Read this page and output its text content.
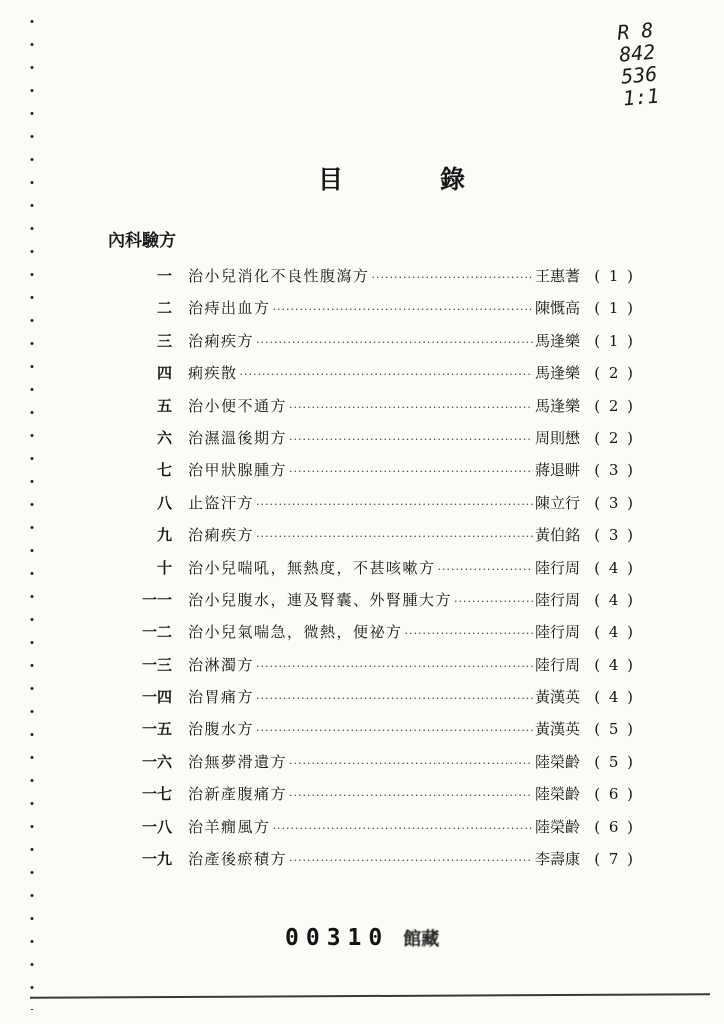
R 8
842
536
1:1
目　錄
內科驗方
一	治小兒消化不良性腹瀉方 ·····	王惠蓍 ( 1 )
二	治痔出血方 ·····	陳慨高 ( 1 )
三	治痢疾方 ·····	馬逢樂 ( 1 )
四	痢疾散 ·····	馬逢樂 ( 2 )
五	治小便不通方 ·····	馬逢樂 ( 2 )
六	治濕溫後期方 ·····	周則懋 ( 2 )
七	治甲狀腺腫方 ·····	蔣退畊 ( 3 )
八	止盜汗方 ·····	陳立行 ( 3 )
九	治痢疾方 ·····	黃伯銘 ( 3 )
十	治小兒喘吼，無熱度，不甚咳嗽方 ·····	陸行周 ( 4 )
一一	治小兒腹水，連及腎囊、外腎腫大方 ·····	陸行周 ( 4 )
一二	治小兒氣喘急，微熱，便祕方 ·····	陸行周 ( 4 )
一三	治淋濁方 ·····	陸行周 ( 4 )
一四	治胃痛方 ·····	黃漢英 ( 4 )
一五	治腹水方 ·····	黃漢英 ( 5 )
一六	治無夢滑遺方 ·····	陸榮齡 ( 5 )
一七	治新產腹痛方 ·····	陸榮齡 ( 6 )
一八	治羊癇風方 ·····	陸榮齡 ( 6 )
一九	治產後瘀積方 ·····	李壽康 ( 7 )
00310 館藏
